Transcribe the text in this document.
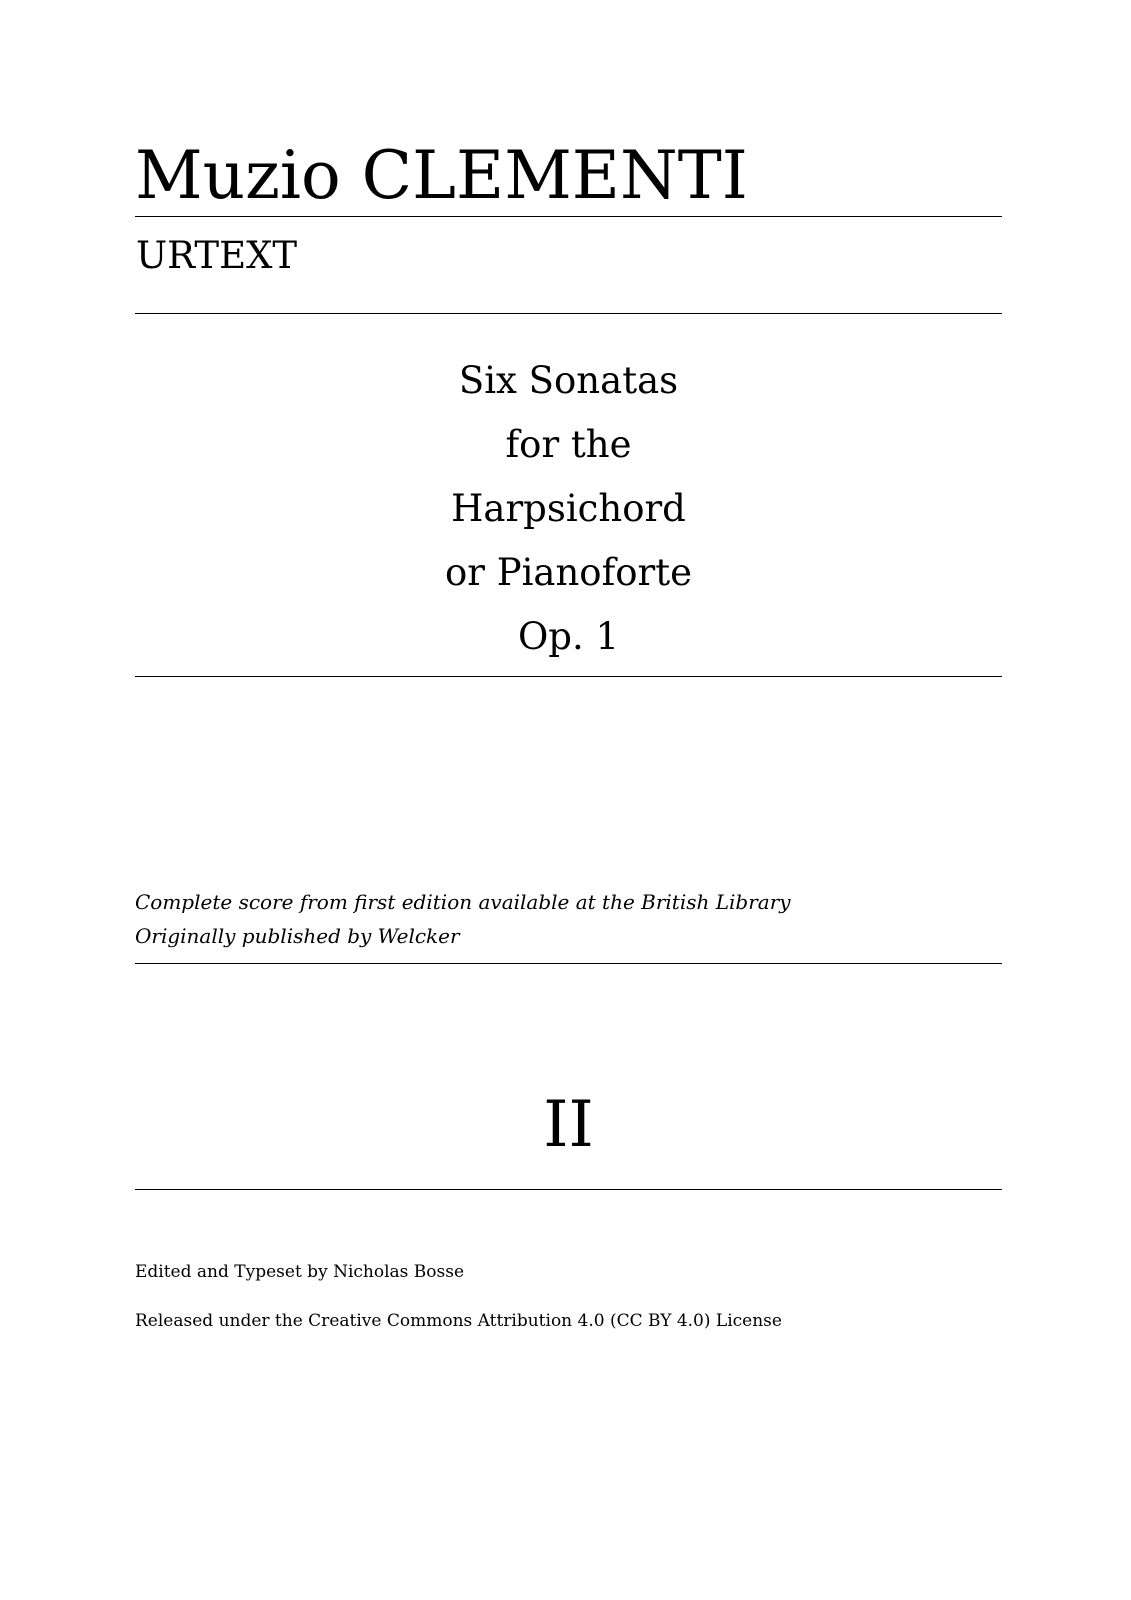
Muzio CLEMENTI
URTEXT
Six Sonatas
for the
Harpsichord
or Pianoforte
Op. 1
Complete score from first edition available at the British Library
Originally published by Welcker
II
Edited and Typeset by Nicholas Bosse
Released under the Creative Commons Attribution 4.0 (CC BY 4.0) License
